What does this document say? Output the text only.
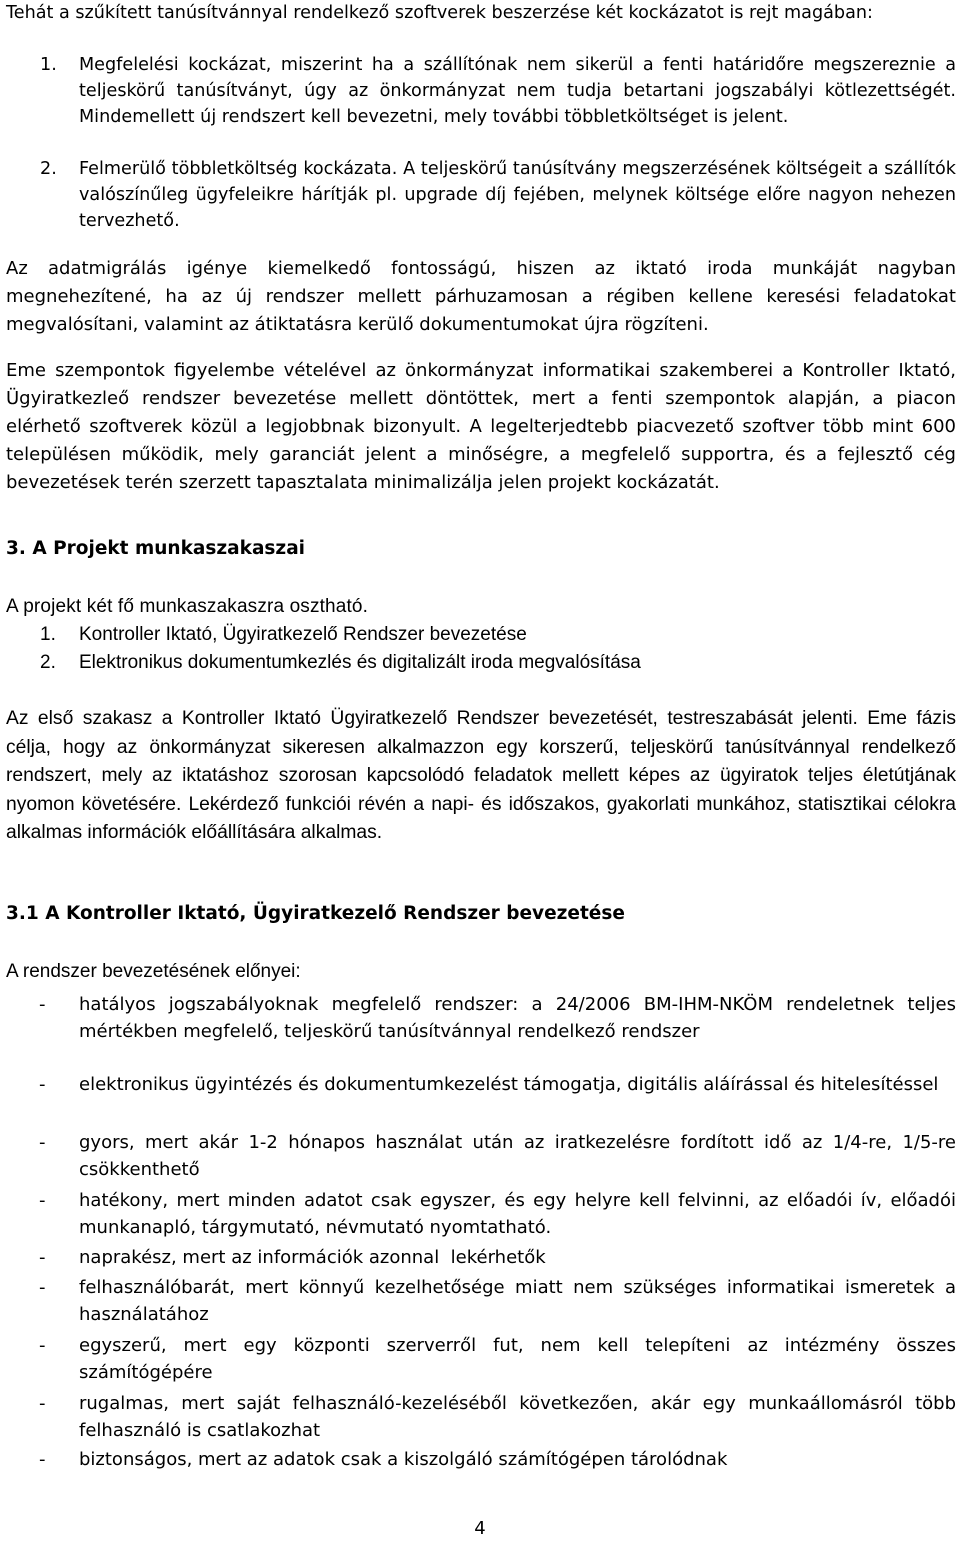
Tehát a szűkített tanúsítvánnyal rendelkező szoftverek beszerzése két kockázatot is rejt magában:

1.	Megfelelési kockázat, miszerint ha a szállítónak nem sikerül a fenti határidőre megszereznie a teljeskörű tanúsítványt, úgy az önkormányzat nem tudja betartani jogszabályi kötlezettségét. Mindemellett új rendszert kell bevezetni, mely további többletköltséget is jelent.
2.	Felmerülő többletköltség kockázata. A teljeskörű tanúsítvány megszerzésének költségeit a szállítók valószínűleg ügyfeleikre hárítják pl. upgrade díj fejében, melynek költsége előre nagyon nehezen tervezhető.

Az adatmigrálás igénye kiemelkedő fontosságú, hiszen az iktató iroda munkáját nagyban megnehezítené, ha az új rendszer mellett párhuzamosan a régiben kellene keresési feladatokat megvalósítani, valamint az átiktatásra kerülő dokumentumokat újra rögzíteni.

Eme szempontok figyelembe vételével az önkormányzat informatikai szakemberei a Kontroller Iktató, Ügyiratkezleő rendszer bevezetése mellett döntöttek, mert a fenti szempontok alapján, a piacon elérhető szoftverek közül a legjobbnak bizonyult. A legelterjedtebb piacvezető szoftver több mint 600 településen működik, mely garanciát jelent a minőségre, a megfelelő supportra, és a fejlesztő cég bevezetések terén szerzett tapasztalata minimalizálja jelen projekt kockázatát.

3. A Projekt munkaszakaszai

A projekt két fő munkaszakaszra osztható.

1.	Kontroller Iktató, Ügyiratkezelő Rendszer bevezetése
2.	Elektronikus dokumentumkezlés és digitalizált iroda megvalósítása

Az első szakasz a Kontroller Iktató Ügyiratkezelő Rendszer bevezetését, testreszabását jelenti. Eme fázis célja, hogy az önkormányzat sikeresen alkalmazzon egy korszerű, teljeskörű tanúsítvánnyal rendelkező rendszert, mely az iktatáshoz szorosan kapcsolódó feladatok mellett képes az ügyiratok teljes életútjának nyomon követésére. Lekérdező funkciói révén a napi- és időszakos, gyakorlati munkához, statisztikai célokra alkalmas információk előállítására alkalmas.

3.1 A Kontroller Iktató, Ügyiratkezelő Rendszer bevezetése

A rendszer bevezetésének előnyei:

-	hatályos jogszabályoknak megfelelő rendszer: a 24/2006 BM-IHM-NKÖM rendeletnek teljes mértékben megfelelő, teljeskörű tanúsítvánnyal rendelkező rendszer
-	elektronikus ügyintézés és dokumentumkezelést támogatja, digitális aláírással és hitelesítéssel
-	gyors, mert akár 1-2 hónapos használat után az iratkezelésre fordított idő az 1/4-re, 1/5-re csökkenthető
-	hatékony, mert minden adatot csak egyszer, és egy helyre kell felvinni, az előadói ív, előadói munkanapló, tárgymutató, névmutató nyomtatható.
-	naprakész, mert az információk azonnal  lekérhetők
-	felhasználóbarát, mert könnyű kezelhetősége miatt nem szükséges informatikai ismeretek a használatához
-	egyszerű, mert egy központi szerverről fut, nem kell telepíteni az intézmény összes számítógépére
-	rugalmas, mert saját felhasználó-kezeléséből következően, akár egy munkaállomásról több felhasználó is csatlakozhat
-	biztonságos, mert az adatok csak a kiszolgáló számítógépen tárolódnak
4
